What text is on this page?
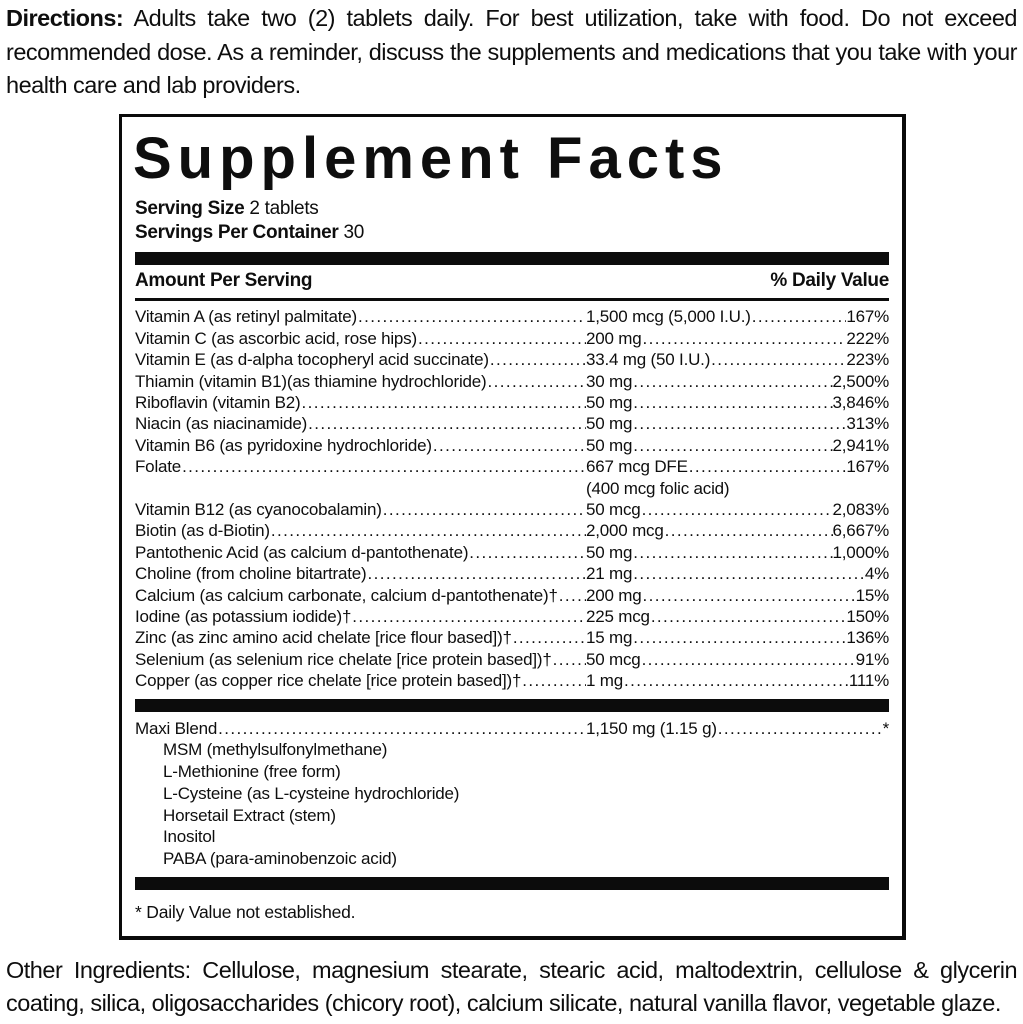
Directions: Adults take two (2) tablets daily. For best utilization, take with food. Do not exceed recommended dose. As a reminder, discuss the supplements and medications that you take with your health care and lab providers.

Supplement Facts
Serving Size 2 tablets
Servings Per Container 30
Amount Per Serving	% Daily Value
Vitamin A (as retinyl palmitate) .....	1,500 mcg (5,000 I.U.) .....	167%
Vitamin C (as ascorbic acid, rose hips) .....	200 mg .....	222%
Vitamin E (as d-alpha tocopheryl acid succinate) .....	33.4 mg (50 I.U.) .....	223%
Thiamin (vitamin B1)(as thiamine hydrochloride) .....	30 mg .....	2,500%
Riboflavin (vitamin B2) .....	50 mg .....	3,846%
Niacin (as niacinamide) .....	50 mg .....	313%
Vitamin B6 (as pyridoxine hydrochloride) .....	50 mg .....	2,941%
Folate .....	667 mcg DFE .....	167%
(400 mcg folic acid)
Vitamin B12 (as cyanocobalamin) .....	50 mcg .....	2,083%
Biotin (as d-Biotin) .....	2,000 mcg .....	6,667%
Pantothenic Acid (as calcium d-pantothenate) .....	50 mg .....	1,000%
Choline (from choline bitartrate) .....	21 mg .....	4%
Calcium (as calcium carbonate, calcium d-pantothenate)† ..... 200 mg .....	15%
Iodine (as potassium iodide)† .....	225 mcg .....	150%
Zinc (as zinc amino acid chelate [rice flour based])† .....	15 mg .....	136%
Selenium (as selenium rice chelate [rice protein based])† ..... 50 mcg .....	91%
Copper (as copper rice chelate [rice protein based])† .....	1 mg .....	111%
Maxi Blend .....	1,150 mg (1.15 g) .....	*
MSM (methylsulfonylmethane)
L-Methionine (free form)
L-Cysteine (as L-cysteine hydrochloride)
Horsetail Extract (stem)
Inositol
PABA (para-aminobenzoic acid)

* Daily Value not established.

Other Ingredients: Cellulose, magnesium stearate, stearic acid, maltodextrin, cellulose & glycerin coating, silica, oligosaccharides (chicory root), calcium silicate, natural vanilla flavor, vegetable glaze.
